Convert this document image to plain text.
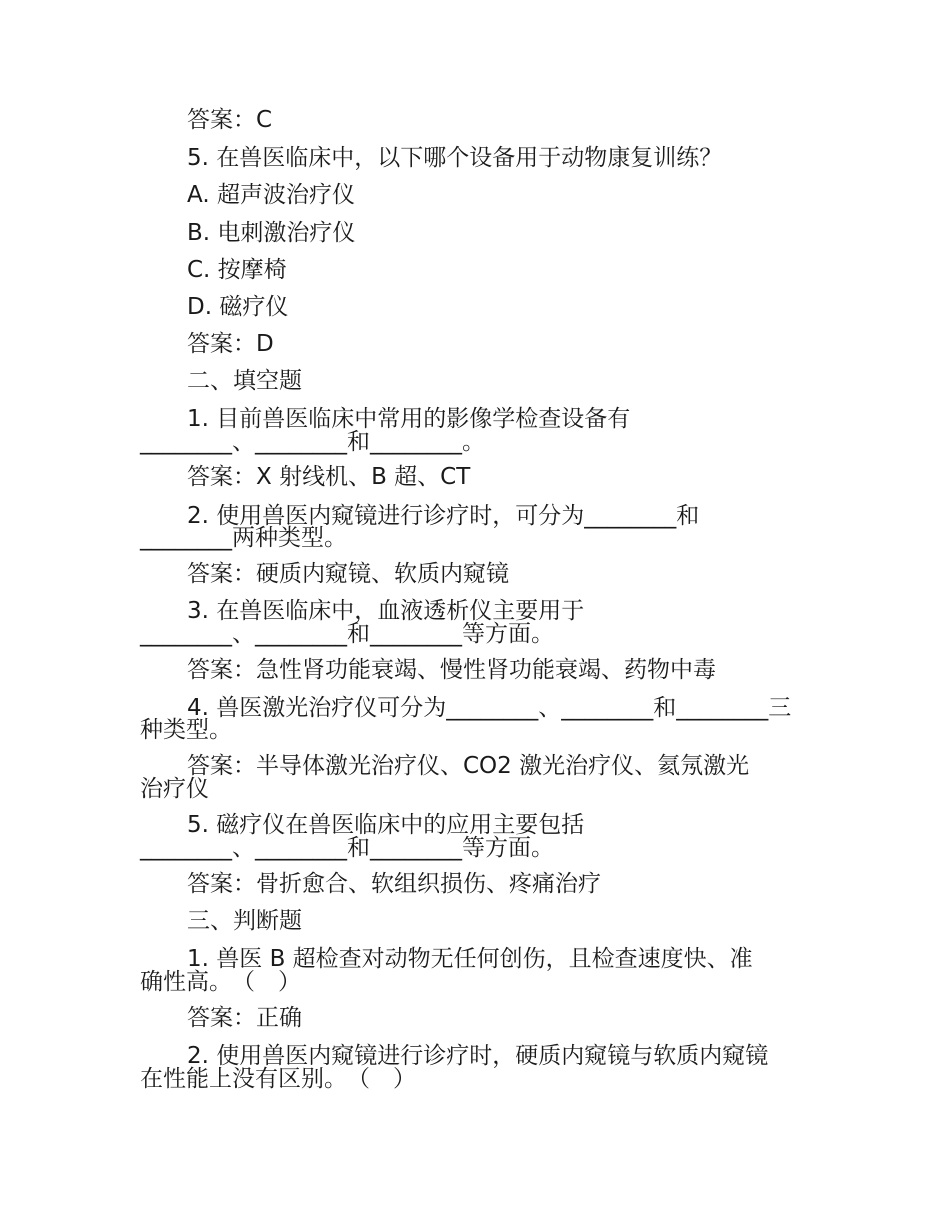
答案：C
5. 在兽医临床中，以下哪个设备用于动物康复训练？
A. 超声波治疗仪
B. 电刺激治疗仪
C. 按摩椅
D. 磁疗仪
答案：D
二、填空题
1. 目前兽医临床中常用的影像学检查设备有
________、________和________。
答案：X 射线机、B 超、CT
2. 使用兽医内窥镜进行诊疗时，可分为________和
________两种类型。
答案：硬质内窥镜、软质内窥镜
3. 在兽医临床中，血液透析仪主要用于
________、________和________等方面。
答案：急性肾功能衰竭、慢性肾功能衰竭、药物中毒
4. 兽医激光治疗仪可分为________、________和________三
种类型。
答案：半导体激光治疗仪、CO2 激光治疗仪、氦氖激光
治疗仪
5. 磁疗仪在兽医临床中的应用主要包括
________、________和________等方面。
答案：骨折愈合、软组织损伤、疼痛治疗
三、判断题
1. 兽医 B 超检查对动物无任何创伤，且检查速度快、准
确性高。　（　）
答案：正确
2. 使用兽医内窥镜进行诊疗时，硬质内窥镜与软质内窥镜
在性能上没有区别。　（　）
